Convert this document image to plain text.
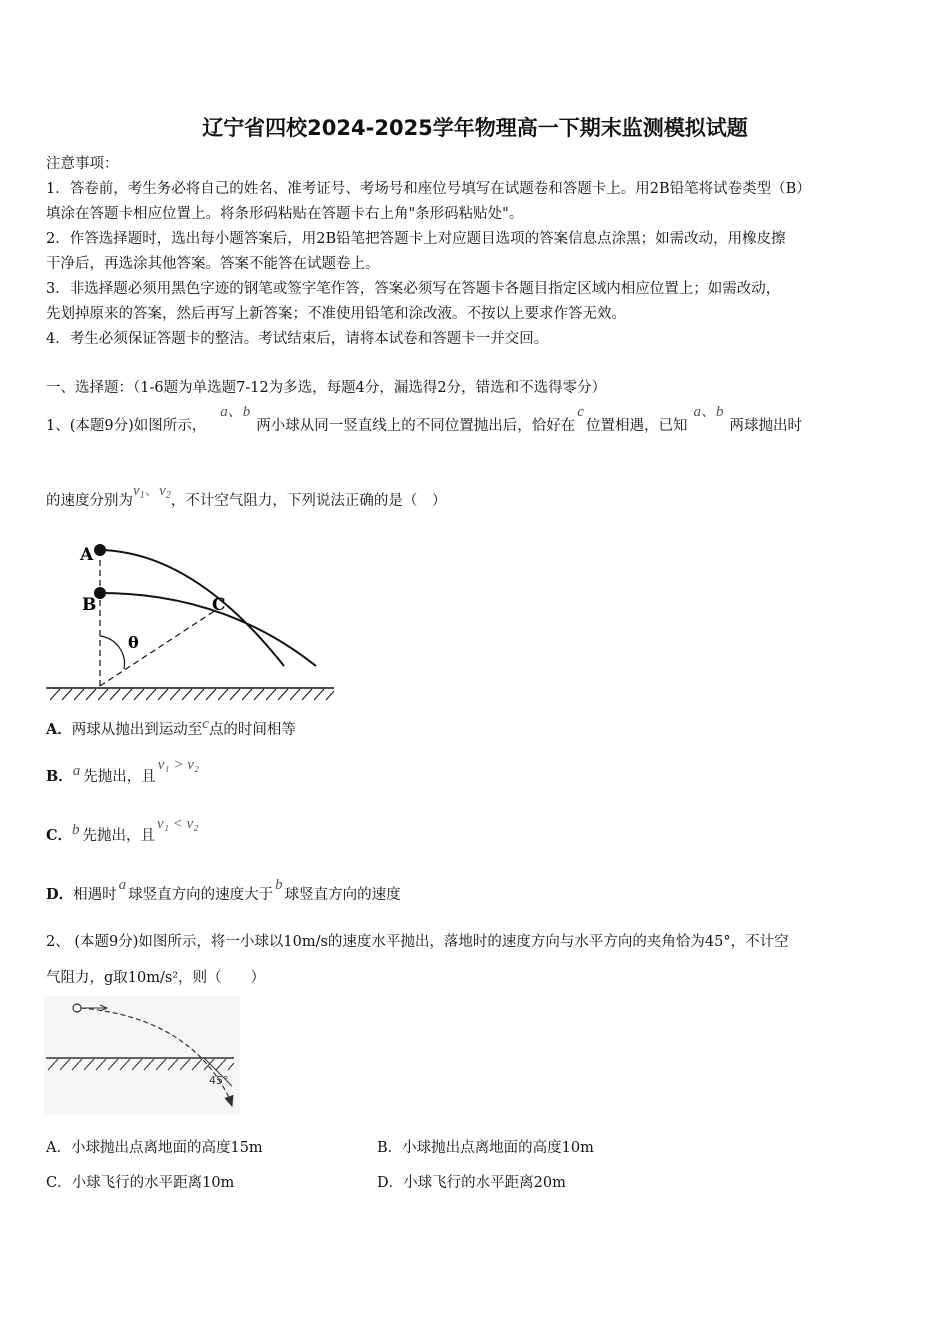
辽宁省四校2024-2025学年物理高一下期末监测模拟试题
注意事项：
1．答卷前，考生务必将自己的姓名、准考证号、考场号和座位号填写在试题卷和答题卡上。用2B铅笔将试卷类型（B）
填涂在答题卡相应位置上。将条形码粘贴在答题卡右上角"条形码粘贴处"。
2．作答选择题时，选出每小题答案后，用2B铅笔把答题卡上对应题目选项的答案信息点涂黑；如需改动，用橡皮擦
干净后，再选涂其他答案。答案不能答在试题卷上。
3．非选择题必须用黑色字迹的钢笔或签字笔作答，答案必须写在答题卡各题目指定区域内相应位置上；如需改动，
先划掉原来的答案，然后再写上新答案；不准使用铅笔和涂改液。不按以上要求作答无效。
4．考生必须保证答题卡的整洁。考试结束后，请将本试卷和答题卡一并交回。
一、选择题：（1-6题为单选题7-12为多选，每题4分，漏选得2分，错选和不选得零分）
1、(本题9分)如图所示，a、b两小球从同一竖直线上的不同位置抛出后，恰好在c位置相遇，已知a、b两球抛出时
的速度分别为$v_1$、$v_2$，不计空气阻力，下列说法正确的是（　）
A
B	C
θ
A．两球从抛出到运动至c点的时间相等
B．a 先抛出，且v₁ > v₂
C．b 先抛出，且v₁ < v₂
D．相遇时a球竖直方向的速度大于b球竖直方向的速度
2、 (本题9分)如图所示，将一小球以10m/s的速度水平抛出，落地时的速度方向与水平方向的夹角恰为45°，不计空
气阻力，g取10m/s²，则（　　）
45°
A．小球抛出点离地面的高度15m	B．小球抛出点离地面的高度10m
C．小球飞行的水平距离10m	D．小球飞行的水平距离20m
